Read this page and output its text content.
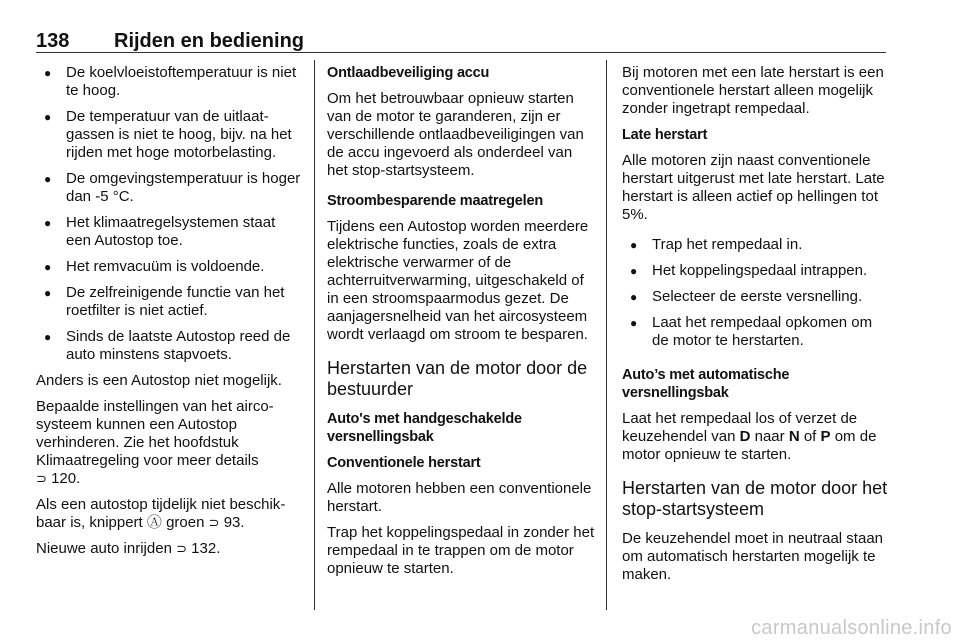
138 Rijden en bediening
● De koelvloeistoftemperatuur is niet te hoog.
● De temperatuur van de uitlaatgassen is niet te hoog, bijv. na het rijden met hoge motorbelasting.
● De omgevingstemperatuur is hoger dan -5 °C.
● Het klimaatregelsystemen staat een Autostop toe.
● Het remvacuüm is voldoende.
● De zelfreinigende functie van het roetfilter is niet actief.
● Sinds de laatste Autostop reed de auto minstens stapvoets.

Anders is een Autostop niet mogelijk.

Bepaalde instellingen van het aircosysteem kunnen een Autostop verhinderen. Zie het hoofdstuk Klimaatregeling voor meer details
⊃ 120.

Als een autostop tijdelijk niet beschikbaar is, knippert Ⓐ groen ⊃ 93.

Nieuwe auto inrijden ⊃ 132.

Ontlaadbeveiliging accu

Om het betrouwbaar opnieuw starten van de motor te garanderen, zijn er verschillende ontlaadbeveiligingen van de accu ingevoerd als onderdeel van het stop-startsysteem.

Stroombesparende maatregelen

Tijdens een Autostop worden meerdere elektrische functies, zoals de extra elektrische verwarmer of de achterruitverwarming, uitgeschakeld of in een stroomspaarmodus gezet. De aanjagersnelheid van het aircosysteem wordt verlaagd om stroom te besparen.

Herstarten van de motor door de bestuurder

Auto's met handgeschakelde
versnellingsbak

Conventionele herstart

Alle motoren hebben een conventionele herstart.

Trap het koppelingspedaal in zonder het rempedaal in te trappen om de motor opnieuw te starten.

Bij motoren met een late herstart is een conventionele herstart alleen mogelijk zonder ingetrapt rempedaal.

Late herstart

Alle motoren zijn naast conventionele herstart uitgerust met late herstart. Late herstart is alleen actief op hellingen tot 5%.

● Trap het rempedaal in.
● Het koppelingspedaal intrappen.
● Selecteer de eerste versnelling.
● Laat het rempedaal opkomen om de motor te herstarten.

Auto’s met automatische
versnellingsbak

Laat het rempedaal los of verzet de keuzehendel van D naar N of P om de motor opnieuw te starten.

Herstarten van de motor door het stop-startsysteem

De keuzehendel moet in neutraal staan om automatisch herstarten mogelijk te maken.

carmanualsonline.info
